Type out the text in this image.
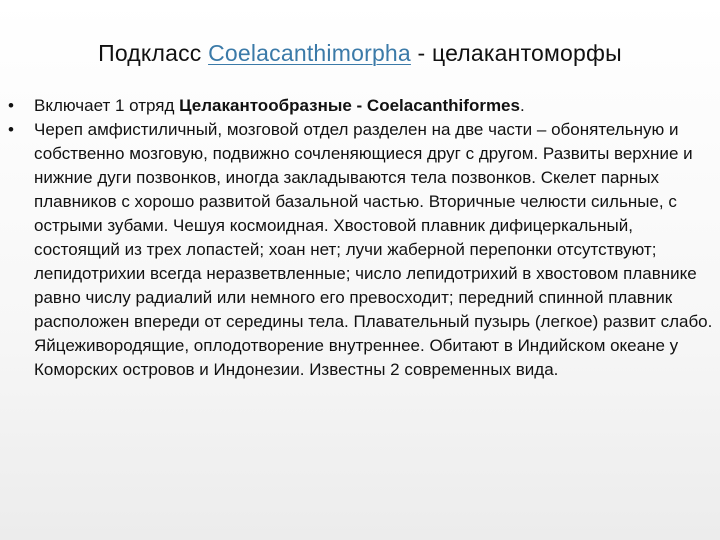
Подкласс Coelacanthimorpha - целакантоморфы
•	Включает 1 отряд Целакантообразные - Coelacanthiformes.
•	Череп амфистиличный, мозговой отдел разделен на две части – обонятельную и собственно мозговую, подвижно сочленяющиеся друг с другом. Развиты верхние и нижние дуги позвонков, иногда закладываются тела позвонков. Скелет парных плавников с хорошо развитой базальной частью. Вторичные челюсти сильные, с острыми зубами. Чешуя космоидная. Хвостовой плавник дифицеркальный, состоящий из трех лопастей; хоан нет; лучи жаберной перепонки отсутствуют; лепидотрихии всегда неразветвленные; число лепидотрихий в хвостовом плавнике равно числу радиалий или немного его превосходит; передний спинной плавник расположен впереди от середины тела. Плавательный пузырь (легкое) развит слабо. Яйцеживородящие, оплодотворение внутреннее. Обитают в Индийском океане у Коморских островов и Индонезии. Известны 2 современных вида.
